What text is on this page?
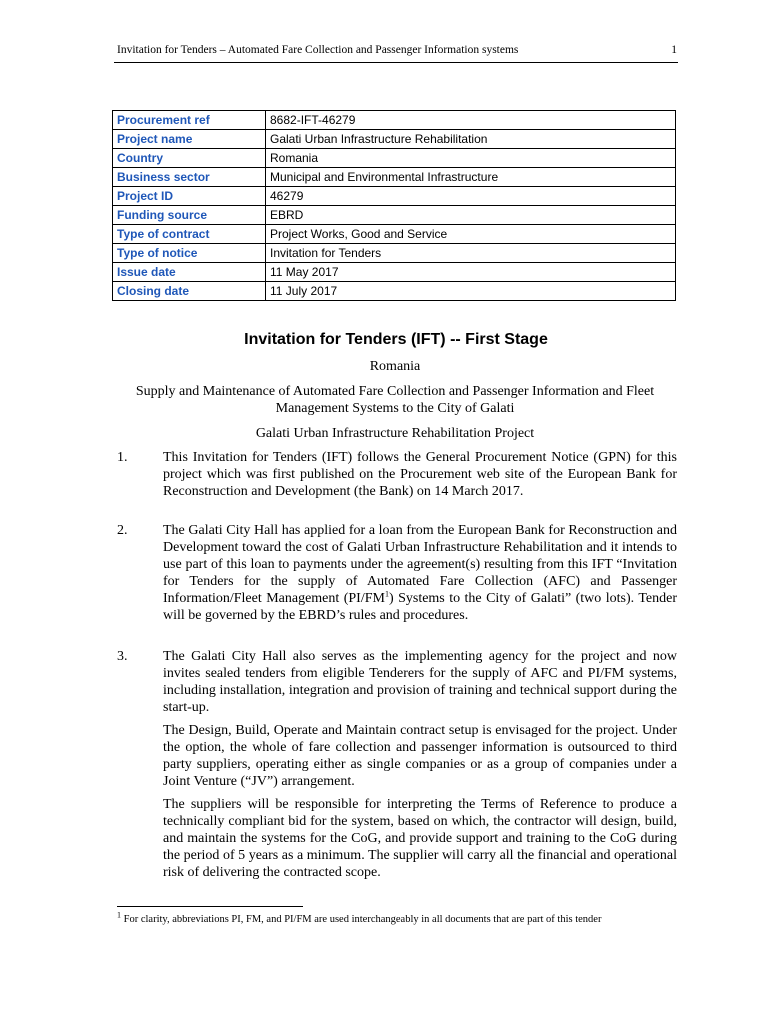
Invitation for Tenders – Automated Fare Collection and Passenger Information systems	1
Procurement ref	8682-IFT-46279
Project name	Galati Urban Infrastructure Rehabilitation
Country	Romania
Business sector	Municipal and Environmental Infrastructure
Project ID	46279
Funding source	EBRD
Type of contract	Project Works, Good and Service
Type of notice	Invitation for Tenders
Issue date	11 May 2017
Closing date	11 July 2017
Invitation for Tenders (IFT) -- First Stage
Romania
Supply and Maintenance of Automated Fare Collection and Passenger Information and Fleet Management Systems to the City of Galati
Galati Urban Infrastructure Rehabilitation Project
1.	This Invitation for Tenders (IFT) follows the General Procurement Notice (GPN) for this project which was first published on the Procurement web site of the European Bank for Reconstruction and Development (the Bank) on 14 March 2017.
2.	The Galati City Hall has applied for a loan from the European Bank for Reconstruction and Development toward the cost of Galati Urban Infrastructure Rehabilitation and it intends to use part of this loan to payments under the agreement(s) resulting from this IFT “Invitation for Tenders for the supply of Automated Fare Collection (AFC) and Passenger Information/Fleet Management $(PI/FM^1)$ Systems to the City of Galati” (two lots). Tender will be governed by the EBRD’s rules and procedures.
3.	The Galati City Hall also serves as the implementing agency for the project and now invites sealed tenders from eligible Tenderers for the supply of AFC and PI/FM systems, including installation, integration and provision of training and technical support during the start-up.
The Design, Build, Operate and Maintain contract setup is envisaged for the project. Under the option, the whole of fare collection and passenger information is outsourced to third party suppliers, operating either as single companies or as a group of companies under a Joint Venture (“JV”) arrangement.
The suppliers will be responsible for interpreting the Terms of Reference to produce a technically compliant bid for the system, based on which, the contractor will design, build, and maintain the systems for the CoG, and provide support and training to the CoG during the period of 5 years as a minimum. The supplier will carry all the financial and operational risk of delivering the contracted scope.
$^1$ For clarity, abbreviations PI, FM, and PI/FM are used interchangeably in all documents that are part of this tender
